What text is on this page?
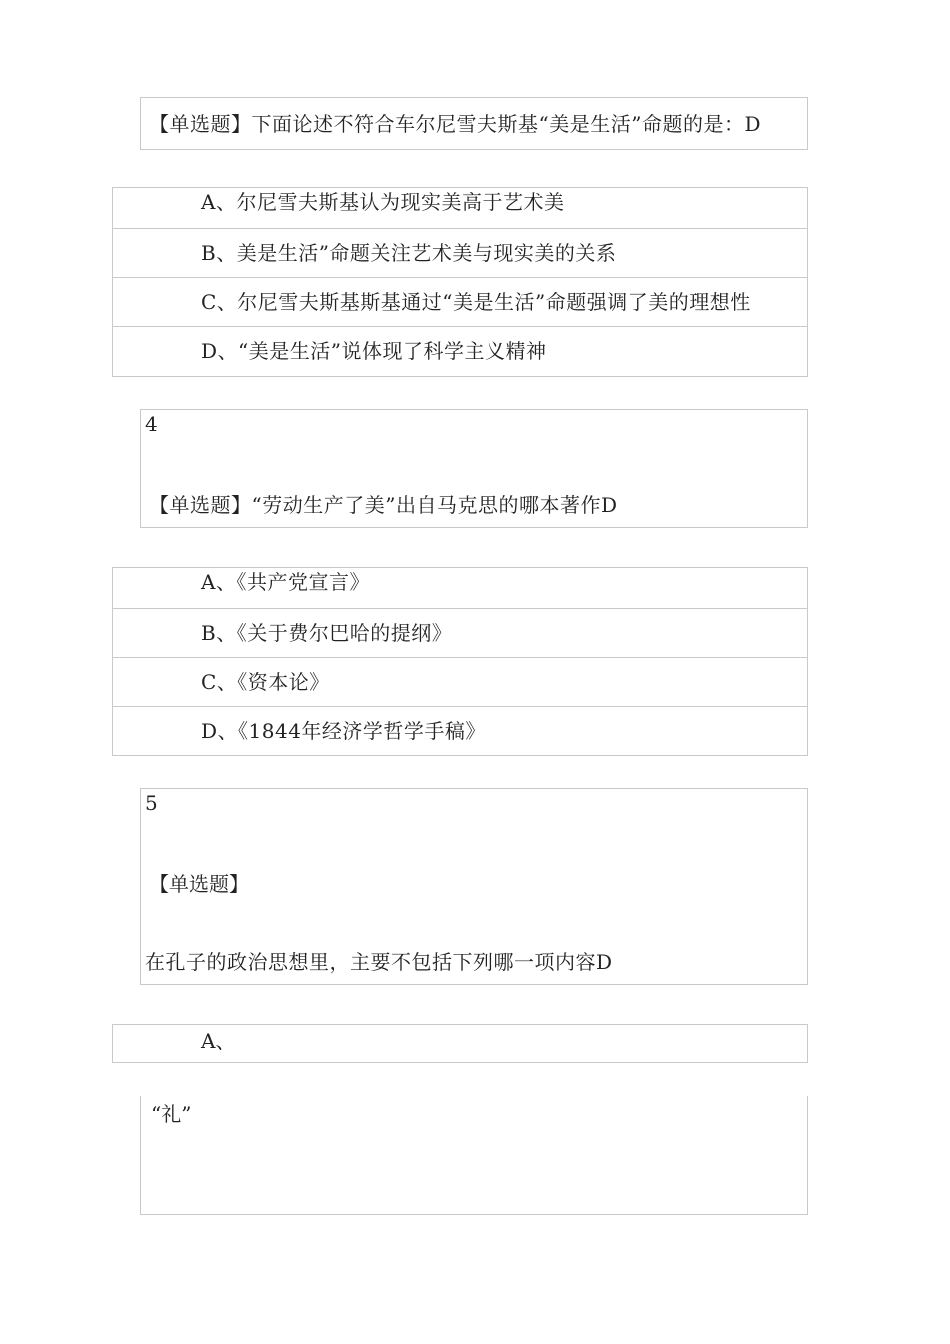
【单选题】下面论述不符合车尔尼雪夫斯基“美是生活”命题的是：D
A、尔尼雪夫斯基认为现实美高于艺术美
B、美是生活”命题关注艺术美与现实美的关系
C、尔尼雪夫斯基斯基通过“美是生活”命题强调了美的理想性
D、“美是生活”说体现了科学主义精神
4
【单选题】“劳动生产了美”出自马克思的哪本著作D
A、《共产党宣言》
B、《关于费尔巴哈的提纲》
C、《资本论》
D、《1844年经济学哲学手稿》
5
【单选题】
在孔子的政治思想里，主要不包括下列哪一项内容D
A、
“礼”
